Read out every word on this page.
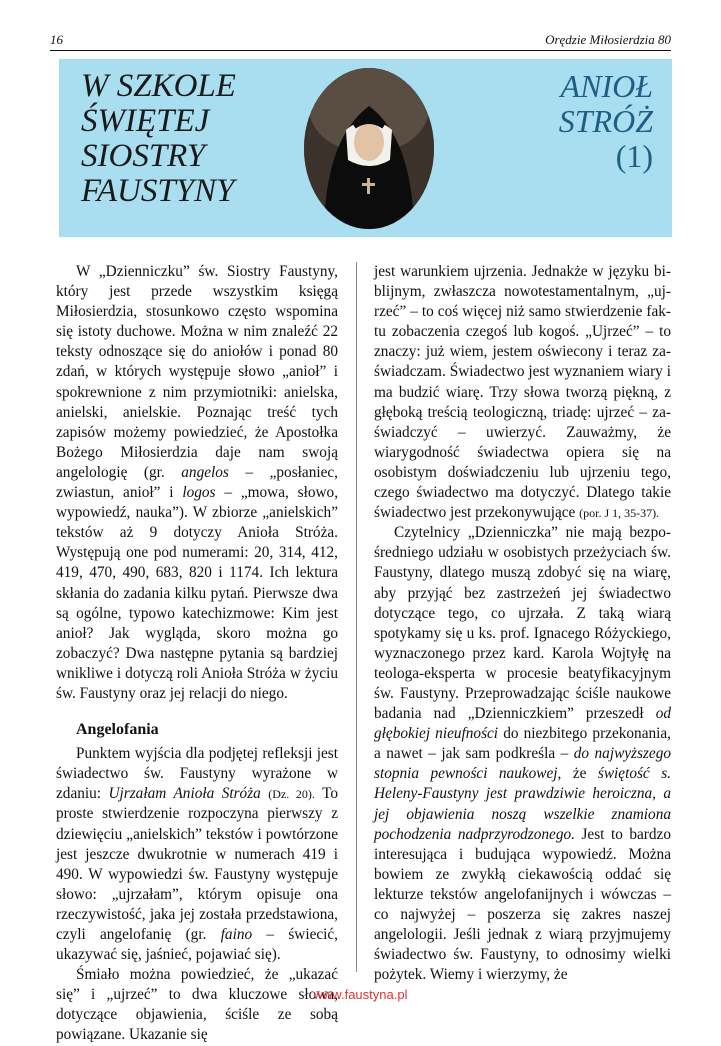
16	Orędzie Miłosierdzia 80
W SZKOLE
ŚWIĘTEJ
SIOSTRY
FAUSTYNY
ANIOŁ
STRÓŻ
(1)

W „Dzienniczku” św. Siostry Faustyny, który jest przede wszystkim księgą Miłosierdzia, stosunkowo często wspomina się istoty duchowe. Można w nim znaleźć 22 teksty odnoszące się do aniołów i ponad 80 zdań, w których występuje słowo „anioł” i spokrewnione z nim przymiotniki: anielska, anielski, anielskie. Poznając treść tych zapisów możemy powiedzieć, że Apostołka Bożego Miłosierdzia daje nam swoją angelologię (gr. angelos – „posłaniec, zwiastun, anioł” i logos – „mowa, słowo, wypowiedź, nauka”). W zbiorze „anielskich” tekstów aż 9 dotyczy Anioła Stróża. Występują one pod numerami: 20, 314, 412, 419, 470, 490, 683, 820 i 1174. Ich lektura skłania do zadania kilku pytań. Pierwsze dwa są ogólne, typowo katechizmowe: Kim jest anioł? Jak wygląda, skoro można go zobaczyć? Dwa następne pytania są bardziej wnikliwe i dotyczą roli Anioła Stróża w życiu św. Faustyny oraz jej relacji do niego.

Angelofania

Punktem wyjścia dla podjętej refleksji jest świadectwo św. Faustyny wyrażone w zdaniu: Ujrzałam Anioła Stróża (Dz. 20). To proste stwierdzenie rozpoczyna pierwszy z dziewięciu „anielskich” tekstów i powtórzone jest jeszcze dwukrotnie w numerach 419 i 490. W wypowiedzi św. Faustyny występuje słowo: „ujrzałam”, którym opisuje ona rzeczywistość, jaka jej została przedstawiona, czyli angelofanię (gr. faino – świecić, ukazywać się, jaśnieć, pojawiać się).

Śmiało można powiedzieć, że „ukazać się” i „ujrzeć” to dwa kluczowe słowa, dotyczące objawienia, ściśle ze sobą powiązane. Ukazanie się

jest warunkiem ujrzenia. Jednakże w języku biblijnym, zwłaszcza nowotestamentalnym, „ujrzeć” – to coś więcej niż samo stwierdzenie faktu zobaczenia czegoś lub kogoś. „Ujrzeć” – to znaczy: już wiem, jestem oświecony i teraz zaświadczam. Świadectwo jest wyznaniem wiary i ma budzić wiarę. Trzy słowa tworzą piękną, z głęboką treścią teologiczną, triadę: ujrzeć – zaświadczyć – uwierzyć. Zauważmy, że wiarygodność świadectwa opiera się na osobistym doświadczeniu lub ujrzeniu tego, czego świadectwo ma dotyczyć. Dlatego takie świadectwo jest przekonywujące (por. J 1, 35-37).

Czytelnicy „Dzienniczka” nie mają bezpośredniego udziału w osobistych przeżyciach św. Faustyny, dlatego muszą zdobyć się na wiarę, aby przyjąć bez zastrzeżeń jej świadectwo dotyczące tego, co ujrzała. Z taką wiarą spotykamy się u ks. prof. Ignacego Różyckiego, wyznaczonego przez kard. Karola Wojtyłę na teologa-eksperta w procesie beatyfikacyjnym św. Faustyny. Przeprowadzając ściśle naukowe badania nad „Dzienniczkiem” przeszedł od głębokiej nieufności do niezbitego przekonania, a nawet – jak sam podkreśla – do najwyższego stopnia pewności naukowej, że świętość s. Heleny-Faustyny jest prawdziwie heroiczna, a jej objawienia noszą wszelkie znamiona pochodzenia nadprzyrodzonego. Jest to bardzo interesująca i budująca wypowiedź. Można bowiem ze zwykłą ciekawością oddać się lekturze tekstów angelofanijnych i wówczas – co najwyżej – poszerza się zakres naszej angelologii. Jeśli jednak z wiarą przyjmujemy świadectwo św. Faustyny, to odnosimy wielki pożytek. Wiemy i wierzymy, że

www.faustyna.pl
